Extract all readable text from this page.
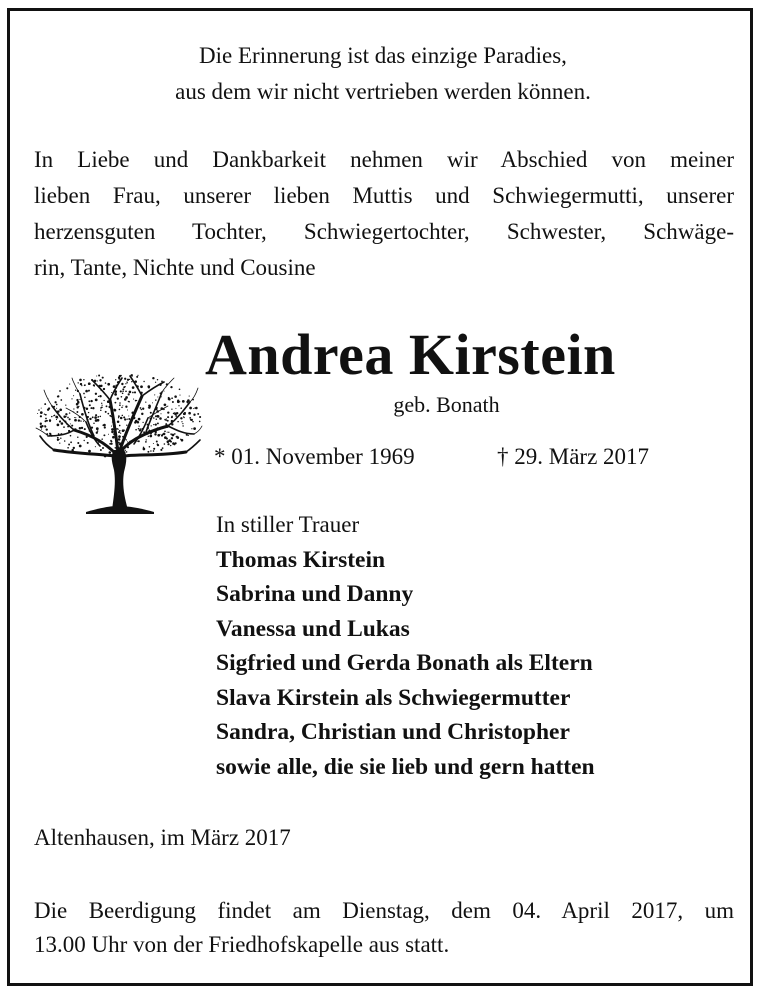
Die Erinnerung ist das einzige Paradies,
aus dem wir nicht vertrieben werden können.
In Liebe und Dankbarkeit nehmen wir Abschied von meiner
lieben Frau, unserer lieben Muttis und Schwiegermutti, unserer
herzensguten Tochter, Schwiegertochter, Schwester, Schwäge-
rin, Tante, Nichte und Cousine
Andrea Kirstein
geb. Bonath
* 01. November 1969	† 29. März 2017
In stiller Trauer
Thomas Kirstein
Sabrina und Danny
Vanessa und Lukas
Sigfried und Gerda Bonath als Eltern
Slava Kirstein als Schwiegermutter
Sandra, Christian und Christopher
sowie alle, die sie lieb und gern hatten
Altenhausen, im März 2017
Die Beerdigung findet am Dienstag, dem 04. April 2017, um
13.00 Uhr von der Friedhofskapelle aus statt.
